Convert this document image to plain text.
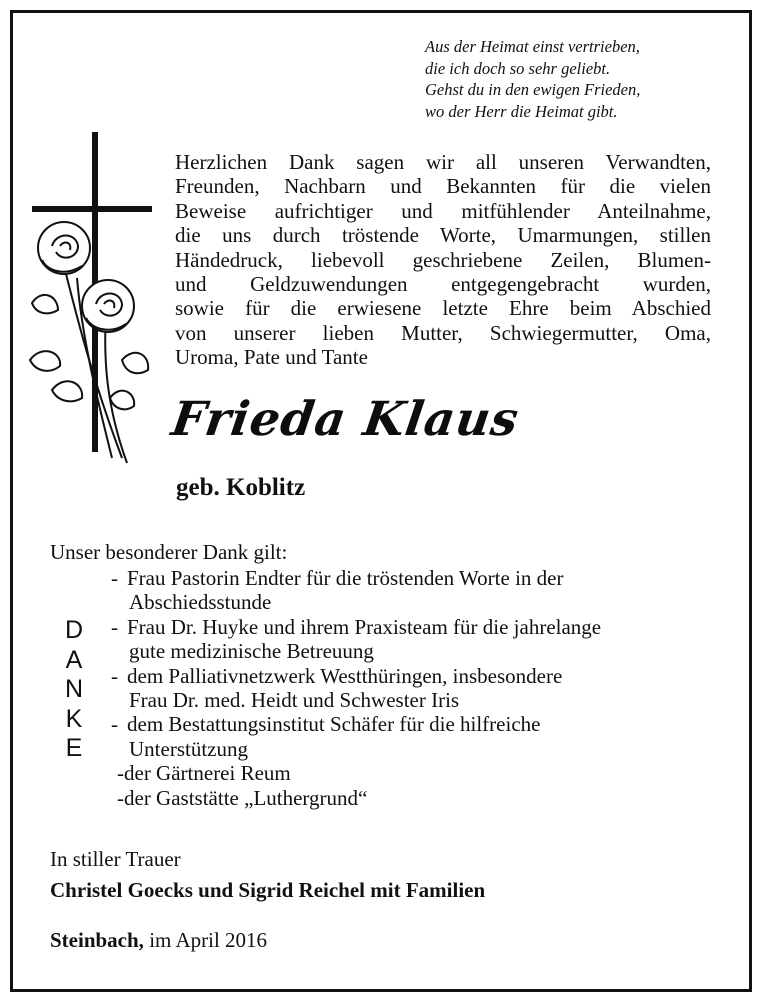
Aus der Heimat einst vertrieben,
die ich doch so sehr geliebt.
Gehst du in den ewigen Frieden,
wo der Herr die Heimat gibt.
Herzlichen Dank sagen wir all unseren Verwandten,
Freunden, Nachbarn und Bekannten für die vielen
Beweise aufrichtiger und mitfühlender Anteilnahme,
die uns durch tröstende Worte, Umarmungen, stillen
Händedruck, liebevoll geschriebene Zeilen, Blumen-
und Geldzuwendungen entgegengebracht wurden,
sowie für die erwiesene letzte Ehre beim Abschied
von unserer lieben Mutter, Schwiegermutter, Oma,
Uroma, Pate und Tante
Frieda Klaus
geb. Koblitz
Unser besonderer Dank gilt:
D
A
N
K
E
- Frau Pastorin Endter für die tröstenden Worte in der
Abschiedsstunde
- Frau Dr. Huyke und ihrem Praxisteam für die jahrelange
gute medizinische Betreuung
- dem Palliativnetzwerk Westthüringen, insbesondere
Frau Dr. med. Heidt und Schwester Iris
- dem Bestattungsinstitut Schäfer für die hilfreiche
Unterstützung
-der Gärtnerei Reum
-der Gaststätte „Luthergrund“
In stiller Trauer
Christel Goecks und Sigrid Reichel mit Familien
Steinbach, im April 2016
